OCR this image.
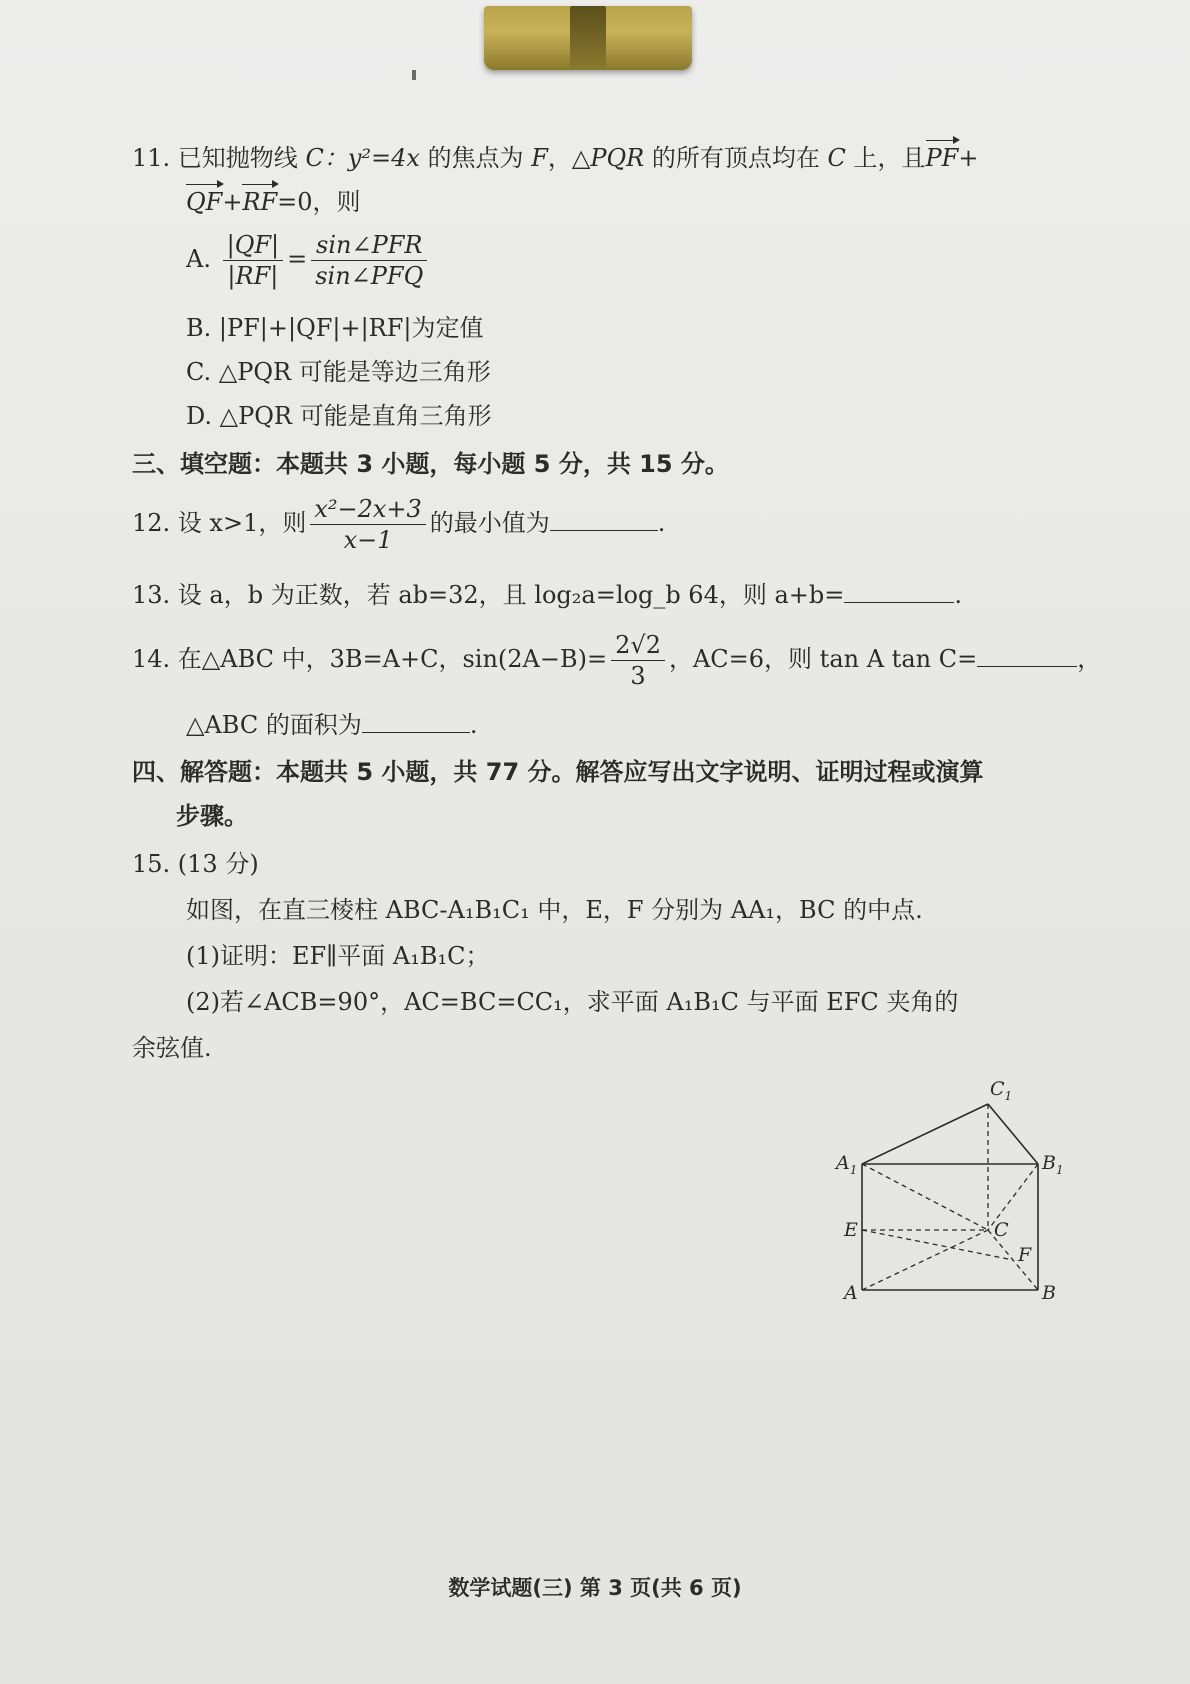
11. 已知抛物线 C：y²=4x 的焦点为 F，△PQR 的所有顶点均在 C 上，且PF+
QF+RF=0，则
A. $\frac{|QF|}{|RF|} = \frac{\text{sin∠PFR}}{\text{sin∠PFQ}}$
B. |PF|+|QF|+|RF|为定值
C. △PQR 可能是等边三角形
D. △PQR 可能是直角三角形
三、填空题：本题共 3 小题，每小题 5 分，共 15 分。
12. 设 x>1，则 $\frac{\text{x²−2x+3}}{x-1}$ 的最小值为	.
13. 设 a，b 为正数，若 ab=32，且 log₂a=log_b 64，则 a+b=	.
14. 在△ABC 中，3B=A+C，$\sin(2A-B)= \frac{2√2}{3}$ ，AC=6，则 tan A tan C=	，
△ABC 的面积为	.
四、解答题：本题共 5 小题，共 77 分。解答应写出文字说明、证明过程或演算
步骤。
15. (13 分)
如图，在直三棱柱 ABC-A₁B₁C₁ 中，E，F 分别为 AA₁，BC 的中点.
(1)证明：EF∥平面 A₁B₁C；
(2)若∠ACB=90°，AC=BC=CC₁，求平面 A₁B₁C 与平面 EFC 夹角的
余弦值.
$C_1$
$A_1$	$B_1$
E	C
F
A	B
数学试题(三) 第 3 页(共 6 页)
